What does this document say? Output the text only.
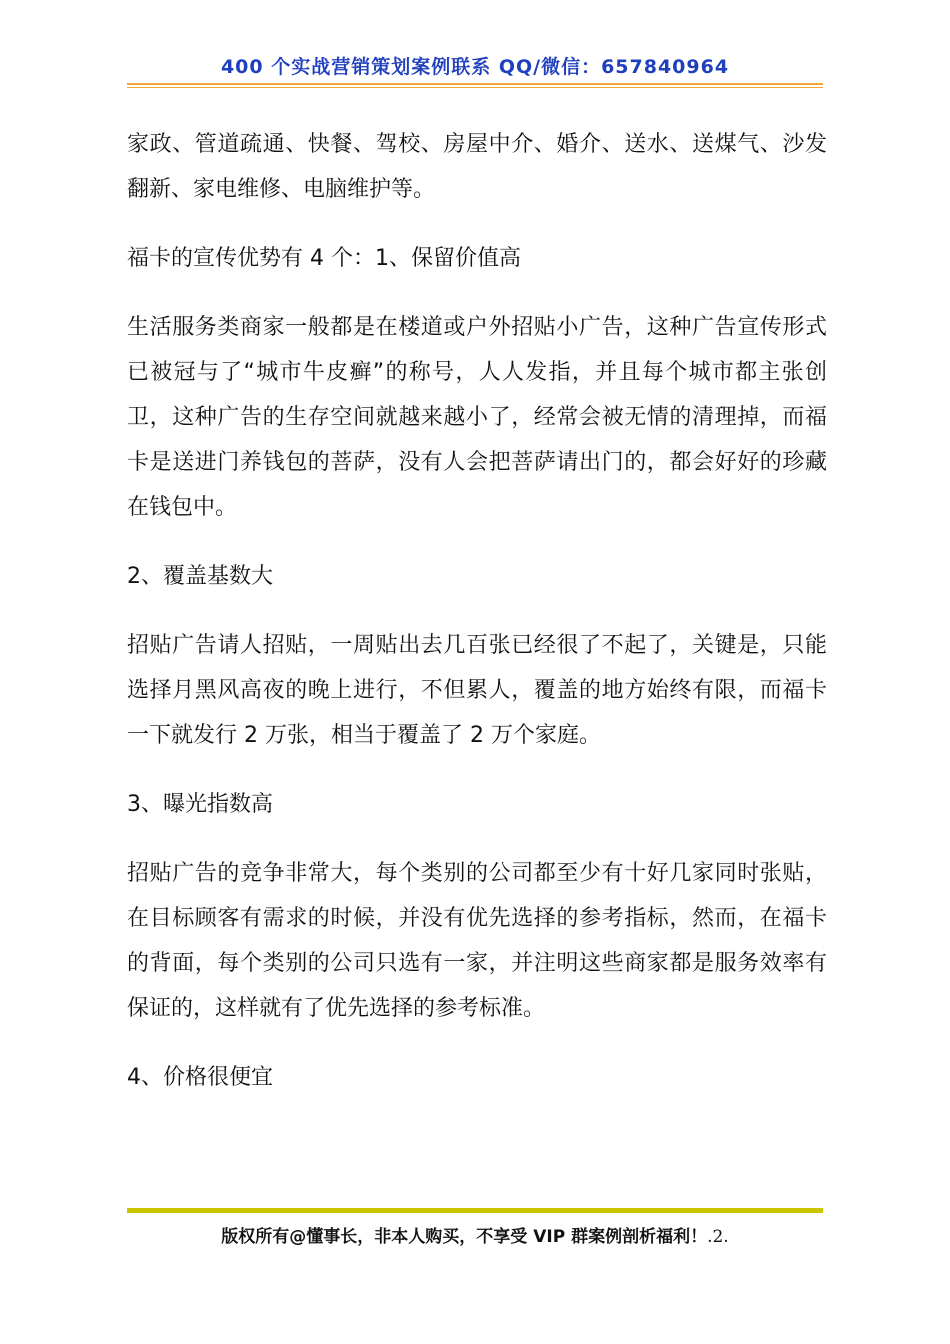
400 个实战营销策划案例联系 QQ/微信：657840964

家政、管道疏通、快餐、驾校、房屋中介、婚介、送水、送煤气、沙发翻新、家电维修、电脑维护等。

福卡的宣传优势有 4 个：1、保留价值高

生活服务类商家一般都是在楼道或户外招贴小广告，这种广告宣传形式已被冠与了“城市牛皮癣”的称号，人人发指，并且每个城市都主张创卫，这种广告的生存空间就越来越小了，经常会被无情的清理掉，而福卡是送进门养钱包的菩萨，没有人会把菩萨请出门的，都会好好的珍藏在钱包中。

2、覆盖基数大

招贴广告请人招贴，一周贴出去几百张已经很了不起了，关键是，只能选择月黑风高夜的晚上进行，不但累人，覆盖的地方始终有限，而福卡一下就发行 2 万张，相当于覆盖了 2 万个家庭。

3、曝光指数高

招贴广告的竞争非常大，每个类别的公司都至少有十好几家同时张贴，在目标顾客有需求的时候，并没有优先选择的参考指标，然而，在福卡的背面，每个类别的公司只选有一家，并注明这些商家都是服务效率有保证的，这样就有了优先选择的参考标准。

4、价格很便宜

版权所有@懂事长，非本人购买，不享受 VIP 群案例剖析福利！.2.
